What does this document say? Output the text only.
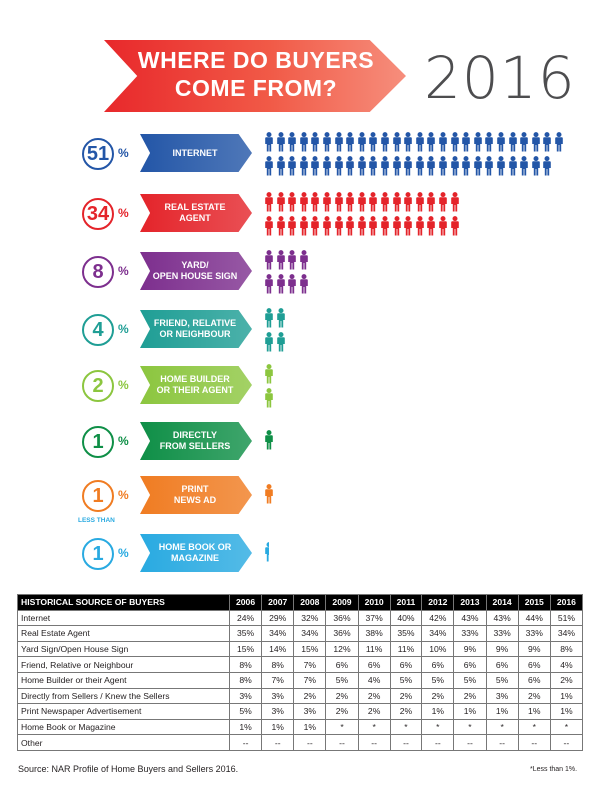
WHERE DO BUYERS
COME FROM?	2016
51 %	INTERNET
34 %	REAL ESTATE
AGENT
8	%	YARD/
OPEN HOUSE SIGN
4	%	FRIEND, RELATIVE
OR NEIGHBOUR
2	%	HOME BUILDER
OR THEIR AGENT
1	%	DIRECTLY
FROM SELLERS
1	%	PRINT
NEWS AD
1	%
LESS THAN
HOME BOOK OR
MAGAZINE
HISTORICAL SOURCE OF BUYERS	2006	2007	2008	2009	2010	2011	2012	2013	2014	2015	2016
Internet	24%	29%	32%	36%	37%	40%	42%	43%	43%	44%	51%
Real Estate Agent	35%	34%	34%	36%	38%	35%	34%	33%	33%	33%	34%
Yard Sign/Open House Sign	15%	14%	15%	12%	11%	11%	10%	9%	9%	9%	8%
Friend, Relative or Neighbour	8%	8%	7%	6%	6%	6%	6%	6%	6%	6%	4%
Home Builder or their Agent	8%	7%	7%	5%	4%	5%	5%	5%	5%	6%	2%
Directly from Sellers / Knew the Sellers	3%	3%	2%	2%	2%	2%	2%	2%	3%	2%	1%
Print Newspaper Advertisement	5%	3%	3%	2%	2%	2%	1%	1%	1%	1%	1%
Home Book or Magazine	1%	1%	1%	*	*	*	*	*	*	*	*
Other	--	--	--	--	--	--	--	--	--	--	--
Source: NAR Profile of Home Buyers and Sellers 2016.	*Less than 1%.
